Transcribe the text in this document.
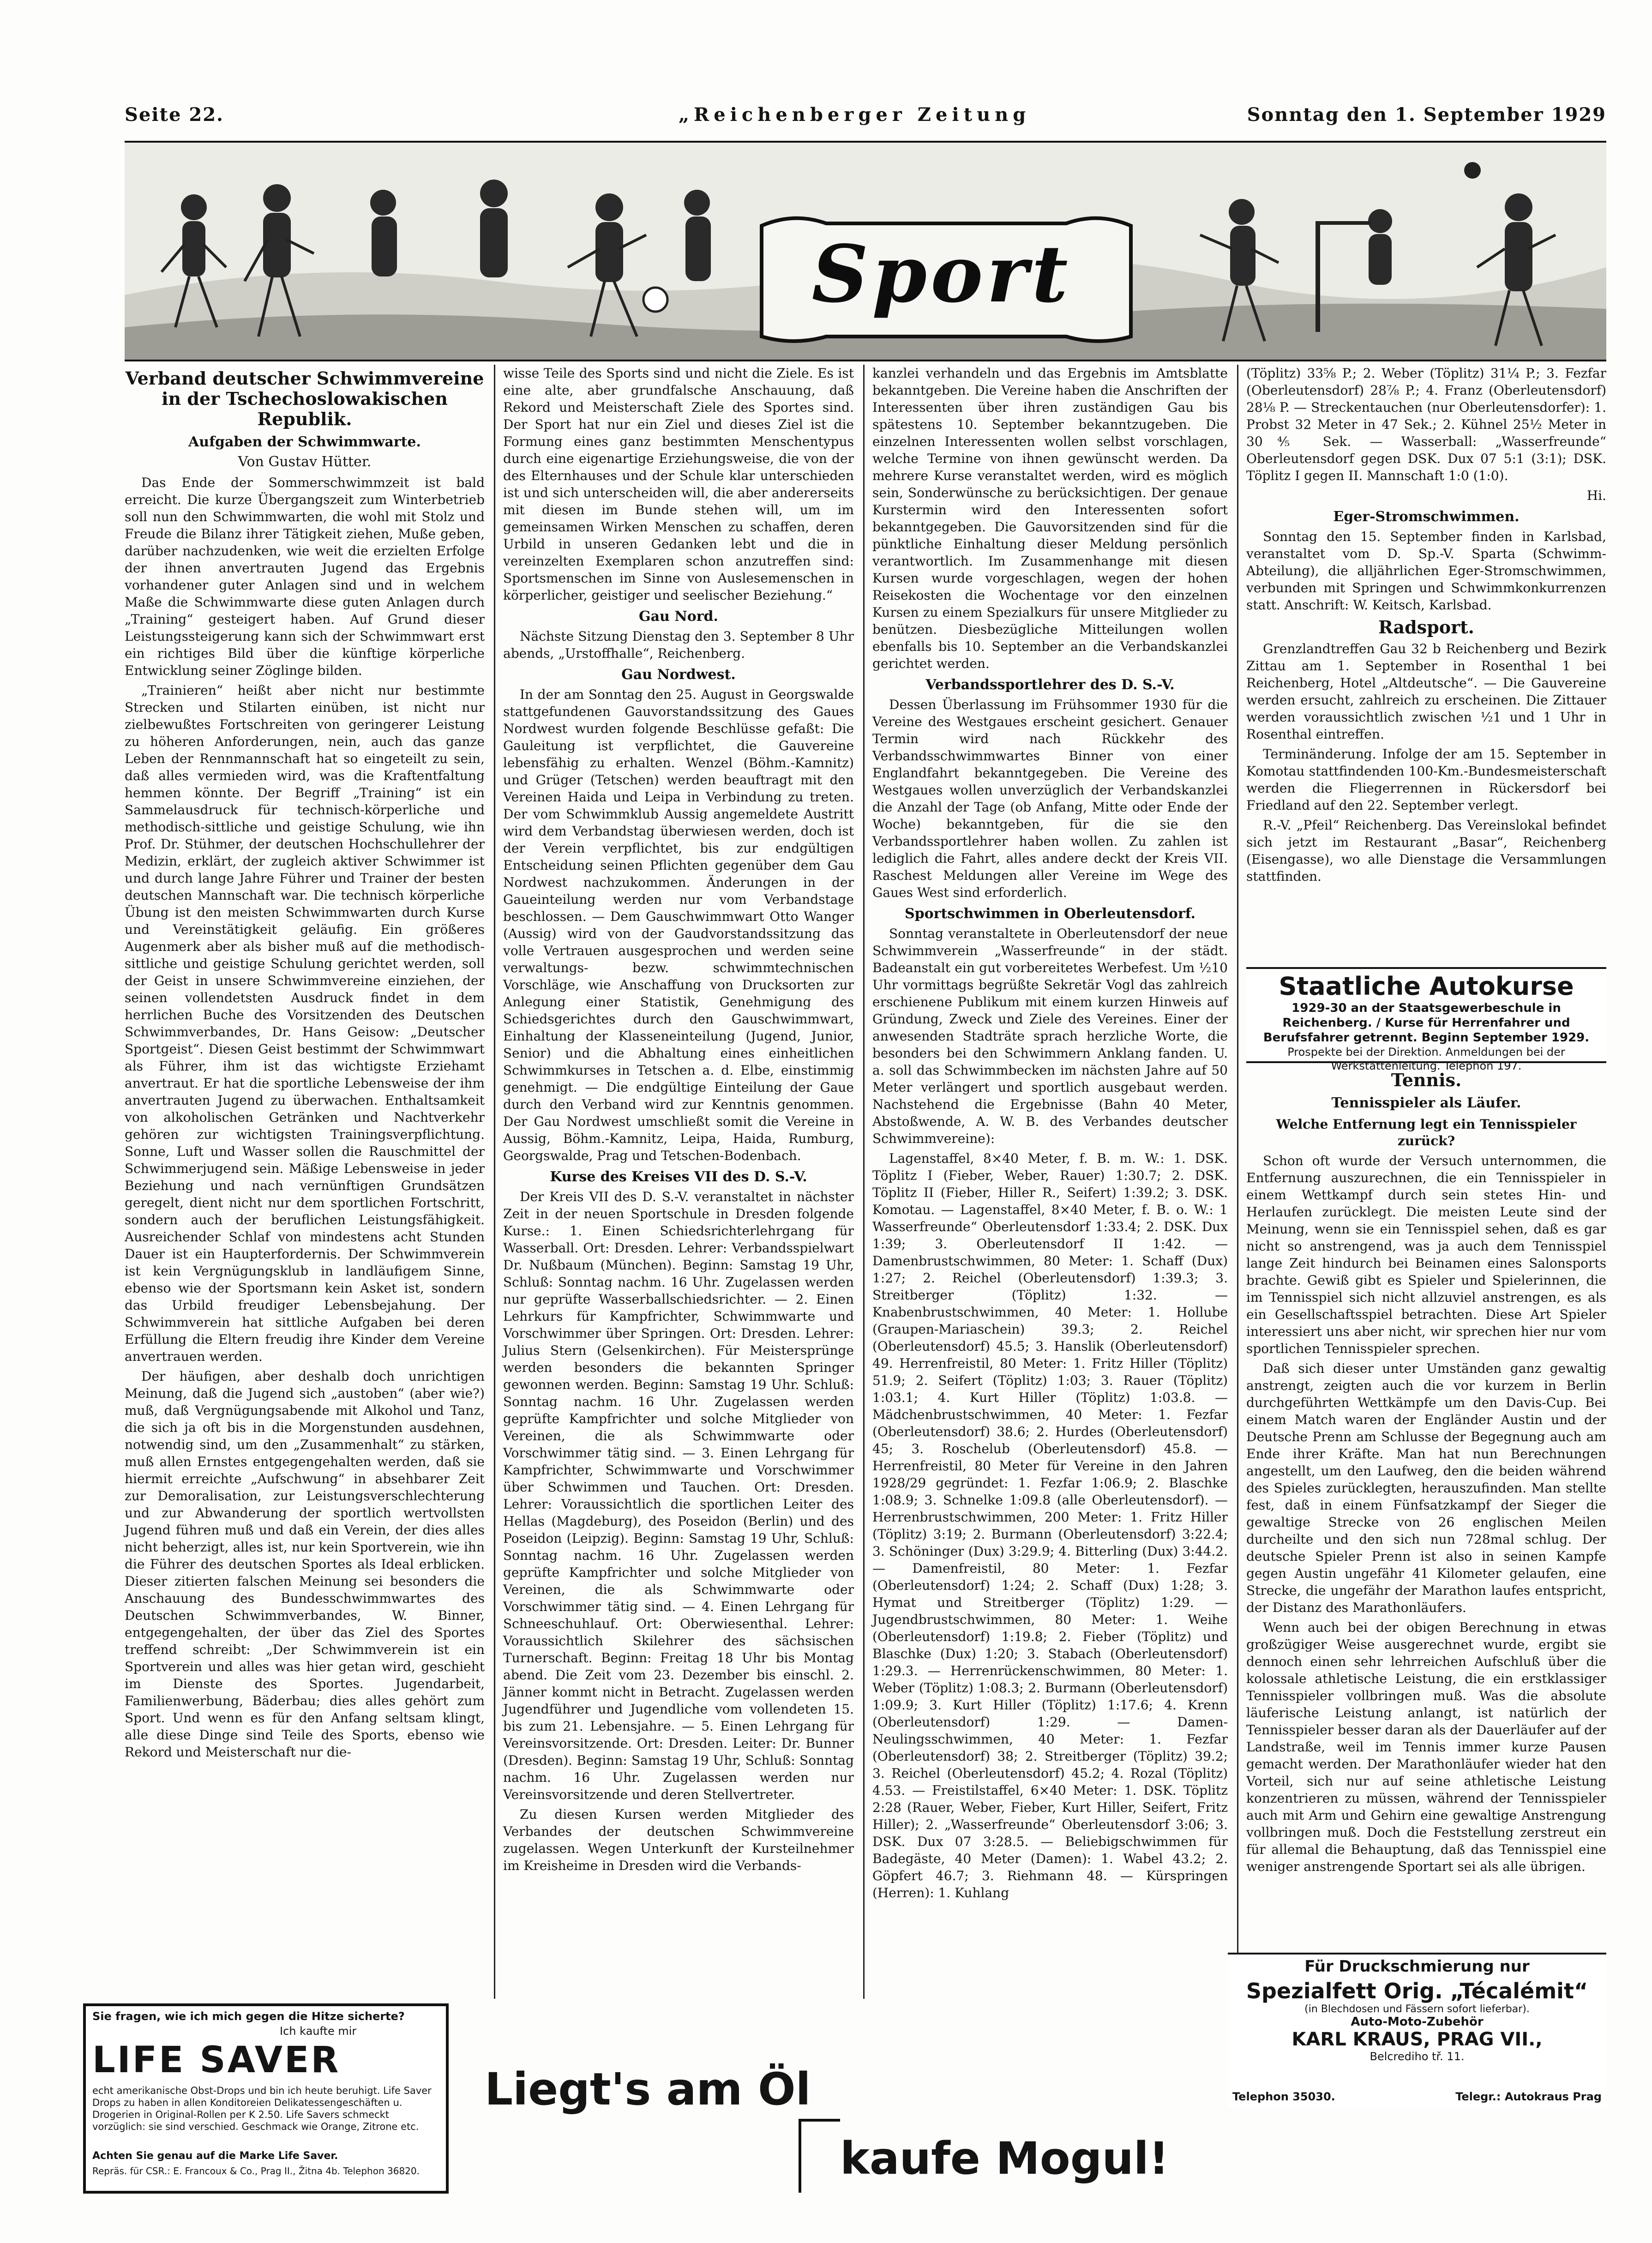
Seite 22.	„Reichenberger Zeitung	Sonntag den 1. September 1929
Sport
Verband deutscher Schwimmvereine in der Tschechoslowakischen Republik.
Aufgaben der Schwimmwarte.
Von Gustav Hütter.

Das Ende der Sommerschwimmzeit ist bald erreicht. Die kurze Übergangszeit zum Winterbetrieb soll nun den Schwimmwarten, die wohl mit Stolz und Freude die Bilanz ihrer Tätigkeit ziehen, Muße geben, darüber nachzudenken, wie weit die erzielten Erfolge der ihnen anvertrauten Jugend das Ergebnis vorhandener guter Anlagen sind und in welchem Maße die Schwimmwarte diese guten Anlagen durch „Training“ gesteigert haben. Auf Grund dieser Leistungssteigerung kann sich der Schwimmwart erst ein richtiges Bild über die künftige körperliche Entwicklung seiner Zöglinge bilden.

„Trainieren“ heißt aber nicht nur bestimmte Strecken und Stilarten einüben, ist nicht nur zielbewußtes Fortschreiten von geringerer Leistung zu höheren Anforderungen, nein, auch das ganze Leben der Rennmannschaft hat so eingeteilt zu sein, daß alles vermieden wird, was die Kraftentfaltung hemmen könnte. Der Begriff „Training“ ist ein Sammelausdruck für technisch-körperliche und methodisch-sittliche und geistige Schulung, wie ihn Prof. Dr. Stühmer, der deutschen Hochschullehrer der Medizin, erklärt, der zugleich aktiver Schwimmer ist und durch lange Jahre Führer und Trainer der besten deutschen Mannschaft war. Die technisch körperliche Übung ist den meisten Schwimmwarten durch Kurse und Vereinstätigkeit geläufig. Ein größeres Augenmerk aber als bisher muß auf die methodisch-sittliche und geistige Schulung gerichtet werden, soll der Geist in unsere Schwimmvereine einziehen, der seinen vollendetsten Ausdruck findet in dem herrlichen Buche des Vorsitzenden des Deutschen Schwimmverbandes, Dr. Hans Geisow: „Deutscher Sportgeist“. Diesen Geist bestimmt der Schwimmwart als Führer, ihm ist das wichtigste Erziehamt anvertraut. Er hat die sportliche Lebensweise der ihm anvertrauten Jugend zu überwachen. Enthaltsamkeit von alkoholischen Getränken und Nachtverkehr gehören zur wichtigsten Trainingsverpflichtung. Sonne, Luft und Wasser sollen die Rauschmittel der Schwimmerjugend sein. Mäßige Lebensweise in jeder Beziehung und nach vernünftigen Grundsätzen geregelt, dient nicht nur dem sportlichen Fortschritt, sondern auch der beruflichen Leistungsfähigkeit. Ausreichender Schlaf von mindestens acht Stunden Dauer ist ein Haupterfordernis. Der Schwimmverein ist kein Vergnügungsklub in landläufigem Sinne, ebenso wie der Sportsmann kein Asket ist, sondern das Urbild freudiger Lebensbejahung. Der Schwimmverein hat sittliche Aufgaben bei deren Erfüllung die Eltern freudig ihre Kinder dem Vereine anvertrauen werden.

Der häufigen, aber deshalb doch unrichtigen Meinung, daß die Jugend sich „austoben“ (aber wie?) muß, daß Vergnügungsabende mit Alkohol und Tanz, die sich ja oft bis in die Morgenstunden ausdehnen, notwendig sind, um den „Zusammenhalt“ zu stärken, muß allen Ernstes entgegengehalten werden, daß sie hiermit erreichte „Aufschwung“ in absehbarer Zeit zur Demoralisation, zur Leistungsverschlechterung und zur Abwanderung der sportlich wertvollsten Jugend führen muß und daß ein Verein, der dies alles nicht beherzigt, alles ist, nur kein Sportverein, wie ihn die Führer des deutschen Sportes als Ideal erblicken. Dieser zitierten falschen Meinung sei besonders die Anschauung des Bundesschwimmwartes des Deutschen Schwimmverbandes, W. Binner, entgegengehalten, der über das Ziel des Sportes treffend schreibt: „Der Schwimmverein ist ein Sportverein und alles was hier getan wird, geschieht im Dienste des Sportes. Jugendarbeit, Familienwerbung, Bäderbau; dies alles gehört zum Sport. Und wenn es für den Anfang seltsam klingt, alle diese Dinge sind Teile des Sports, ebenso wie Rekord und Meisterschaft nur die-

wisse Teile des Sports sind und nicht die Ziele. Es ist eine alte, aber grundfalsche Anschauung, daß Rekord und Meisterschaft Ziele des Sportes sind. Der Sport hat nur ein Ziel und dieses Ziel ist die Formung eines ganz bestimmten Menschentypus durch eine eigenartige Erziehungsweise, die von der des Elternhauses und der Schule klar unterschieden ist und sich unterscheiden will, die aber andererseits mit diesen im Bunde stehen will, um im gemeinsamen Wirken Menschen zu schaffen, deren Urbild in unseren Gedanken lebt und die in vereinzelten Exemplaren schon anzutreffen sind: Sportsmenschen im Sinne von Auslesemenschen in körperlicher, geistiger und seelischer Beziehung.“

Gau Nord.

Nächste Sitzung Dienstag den 3. September 8 Uhr abends, „Urstoffhalle“, Reichenberg.

Gau Nordwest.

In der am Sonntag den 25. August in Georgswalde stattgefundenen Gauvorstandssitzung des Gaues Nordwest wurden folgende Beschlüsse gefaßt: Die Gauleitung ist verpflichtet, die Gauvereine lebensfähig zu erhalten. Wenzel (Böhm.-Kamnitz) und Grüger (Tetschen) werden beauftragt mit den Vereinen Haida und Leipa in Verbindung zu treten. Der vom Schwimmklub Aussig angemeldete Austritt wird dem Verbandstag überwiesen werden, doch ist der Verein verpflichtet, bis zur endgültigen Entscheidung seinen Pflichten gegenüber dem Gau Nordwest nachzukommen. Änderungen in der Gaueinteilung werden nur vom Verbandstage beschlossen. — Dem Gauschwimmwart Otto Wanger (Aussig) wird von der Gaudvorstandssitzung das volle Vertrauen ausgesprochen und werden seine verwaltungs- bezw. schwimmtechnischen Vorschläge, wie Anschaffung von Drucksorten zur Anlegung einer Statistik, Genehmigung des Schiedsgerichtes durch den Gauschwimmwart, Einhaltung der Klasseneinteilung (Jugend, Junior, Senior) und die Abhaltung eines einheitlichen Schwimmkurses in Tetschen a. d. Elbe, einstimmig genehmigt. — Die endgültige Einteilung der Gaue durch den Verband wird zur Kenntnis genommen. Der Gau Nordwest umschließt somit die Vereine in Aussig, Böhm.-Kamnitz, Leipa, Haida, Rumburg, Georgswalde, Prag und Tetschen-Bodenbach.

Kurse des Kreises VII des D. S.-V.

Der Kreis VII des D. S.-V. veranstaltet in nächster Zeit in der neuen Sportschule in Dresden folgende Kurse.: 1. Einen Schiedsrichterlehrgang für Wasserball. Ort: Dresden. Lehrer: Verbandsspielwart Dr. Nußbaum (München). Beginn: Samstag 19 Uhr, Schluß: Sonntag nachm. 16 Uhr. Zugelassen werden nur geprüfte Wasserballschiedsrichter. — 2. Einen Lehrkurs für Kampfrichter, Schwimmwarte und Vorschwimmer über Springen. Ort: Dresden. Lehrer: Julius Stern (Gelsenkirchen). Für Meistersprünge werden besonders die bekannten Springer gewonnen werden. Beginn: Samstag 19 Uhr. Schluß: Sonntag nachm. 16 Uhr. Zugelassen werden geprüfte Kampfrichter und solche Mitglieder von Vereinen, die als Schwimmwarte oder Vorschwimmer tätig sind. — 3. Einen Lehrgang für Kampfrichter, Schwimmwarte und Vorschwimmer über Schwimmen und Tauchen. Ort: Dresden. Lehrer: Voraussichtlich die sportlichen Leiter des Hellas (Magdeburg), des Poseidon (Berlin) und des Poseidon (Leipzig). Beginn: Samstag 19 Uhr, Schluß: Sonntag nachm. 16 Uhr. Zugelassen werden geprüfte Kampfrichter und solche Mitglieder von Vereinen, die als Schwimmwarte oder Vorschwimmer tätig sind. — 4. Einen Lehrgang für Schneeschuhlauf. Ort: Oberwiesenthal. Lehrer: Voraussichtlich Skilehrer des sächsischen Turnerschaft. Beginn: Freitag 18 Uhr bis Montag abend. Die Zeit vom 23. Dezember bis einschl. 2. Jänner kommt nicht in Betracht. Zugelassen werden Jugendführer und Jugendliche vom vollendeten 15. bis zum 21. Lebensjahre. — 5. Einen Lehrgang für Vereinsvorsitzende. Ort: Dresden. Leiter: Dr. Bunner (Dresden). Beginn: Samstag 19 Uhr, Schluß: Sonntag nachm. 16 Uhr. Zugelassen werden nur Vereinsvorsitzende und deren Stellvertreter.

Zu diesen Kursen werden Mitglieder des Verbandes der deutschen Schwimmvereine zugelassen. Wegen Unterkunft der Kursteilnehmer im Kreisheime in Dresden wird die Verbands-

kanzlei verhandeln und das Ergebnis im Amtsblatte bekanntgeben. Die Vereine haben die Anschriften der Interessenten über ihren zuständigen Gau bis spätestens 10. September bekanntzugeben. Die einzelnen Interessenten wollen selbst vorschlagen, welche Termine von ihnen gewünscht werden. Da mehrere Kurse veranstaltet werden, wird es möglich sein, Sonderwünsche zu berücksichtigen. Der genaue Kurstermin wird den Interessenten sofort bekanntgegeben. Die Gauvorsitzenden sind für die pünktliche Einhaltung dieser Meldung persönlich verantwortlich. Im Zusammenhange mit diesen Kursen wurde vorgeschlagen, wegen der hohen Reisekosten die Wochentage vor den einzelnen Kursen zu einem Spezialkurs für unsere Mitglieder zu benützen. Diesbezügliche Mitteilungen wollen ebenfalls bis 10. September an die Verbandskanzlei gerichtet werden.

Verbandssportlehrer des D. S.-V.

Dessen Überlassung im Frühsommer 1930 für die Vereine des Westgaues erscheint gesichert. Genauer Termin wird nach Rückkehr des Verbandsschwimmwartes Binner von einer Englandfahrt bekanntgegeben. Die Vereine des Westgaues wollen unverzüglich der Verbandskanzlei die Anzahl der Tage (ob Anfang, Mitte oder Ende der Woche) bekanntgeben, für die sie den Verbandssportlehrer haben wollen. Zu zahlen ist lediglich die Fahrt, alles andere deckt der Kreis VII. Raschest Meldungen aller Vereine im Wege des Gaues West sind erforderlich.

Sportschwimmen in Oberleutensdorf.

Sonntag veranstaltete in Oberleutensdorf der neue Schwimmverein „Wasserfreunde“ in der städt. Badeanstalt ein gut vorbereitetes Werbefest. Um ½10 Uhr vormittags begrüßte Sekretär Vogl das zahlreich erschienene Publikum mit einem kurzen Hinweis auf Gründung, Zweck und Ziele des Vereines. Einer der anwesenden Stadträte sprach herzliche Worte, die besonders bei den Schwimmern Anklang fanden. U. a. soll das Schwimmbecken im nächsten Jahre auf 50 Meter verlängert und sportlich ausgebaut werden. Nachstehend die Ergebnisse (Bahn 40 Meter, Abstoßwende, A. W. B. des Verbandes deutscher Schwimmvereine):

Lagenstaffel, 8×40 Meter, f. B. m. W.: 1. DSK. Töplitz I (Fieber, Weber, Rauer) 1:30.7; 2. DSK. Töplitz II (Fieber, Hiller R., Seifert) 1:39.2; 3. DSK. Komotau. — Lagenstaffel, 8×40 Meter, f. B. o. W.: 1 Wasserfreunde“ Oberleutensdorf 1:33.4; 2. DSK. Dux 1:39; 3. Oberleutensdorf II 1:42. — Damenbrustschwimmen, 80 Meter: 1. Schaff (Dux) 1:27; 2. Reichel (Oberleutensdorf) 1:39.3; 3. Streitberger (Töplitz) 1:32. — Knabenbrustschwimmen, 40 Meter: 1. Hollube (Graupen-Mariaschein) 39.3; 2. Reichel (Oberleutensdorf) 45.5; 3. Hanslik (Oberleutensdorf) 49. Herrenfreistil, 80 Meter: 1. Fritz Hiller (Töplitz) 51.9; 2. Seifert (Töplitz) 1:03; 3. Rauer (Töplitz) 1:03.1; 4. Kurt Hiller (Töplitz) 1:03.8. — Mädchenbrustschwimmen, 40 Meter: 1. Fezfar (Oberleutensdorf) 38.6; 2. Hurdes (Oberleutensdorf) 45; 3. Roschelub (Oberleutensdorf) 45.8. — Herrenfreistil, 80 Meter für Vereine in den Jahren 1928/29 gegründet: 1. Fezfar 1:06.9; 2. Blaschke 1:08.9; 3. Schnelke 1:09.8 (alle Oberleutensdorf). — Herrenbrustschwimmen, 200 Meter: 1. Fritz Hiller (Töplitz) 3:19; 2. Burmann (Oberleutensdorf) 3:22.4; 3. Schöninger (Dux) 3:29.9; 4. Bitterling (Dux) 3:44.2. — Damenfreistil, 80 Meter: 1. Fezfar (Oberleutensdorf) 1:24; 2. Schaff (Dux) 1:28; 3. Hymat und Streitberger (Töplitz) 1:29. — Jugendbrustschwimmen, 80 Meter: 1. Weihe (Oberleutensdorf) 1:19.8; 2. Fieber (Töplitz) und Blaschke (Dux) 1:20; 3. Stabach (Oberleutensdorf) 1:29.3. — Herrenrückenschwimmen, 80 Meter: 1. Weber (Töplitz) 1:08.3; 2. Burmann (Oberleutensdorf) 1:09.9; 3. Kurt Hiller (Töplitz) 1:17.6; 4. Krenn (Oberleutensdorf) 1:29. — Damen-Neulingsschwimmen, 40 Meter: 1. Fezfar (Oberleutensdorf) 38; 2. Streitberger (Töplitz) 39.2; 3. Reichel (Oberleutensdorf) 45.2; 4. Rozal (Töplitz) 4.53. — Freistilstaffel, 6×40 Meter: 1. DSK. Töplitz 2:28 (Rauer, Weber, Fieber, Kurt Hiller, Seifert, Fritz Hiller); 2. „Wasserfreunde“ Oberleutensdorf 3:06; 3. DSK. Dux 07 3:28.5. — Beliebigschwimmen für Badegäste, 40 Meter (Damen): 1. Wabel 43.2; 2. Göpfert 46.7; 3. Riehmann 48. — Kürspringen (Herren): 1. Kuhlang

(Töplitz) 33⅝ P.; 2. Weber (Töplitz) 31¼ P.; 3. Fezfar (Oberleutensdorf) 28⅞ P.; 4. Franz (Oberleutensdorf) 28⅛ P. — Streckentauchen (nur Oberleutensdorfer): 1. Probst 32 Meter in 47 Sek.; 2. Kühnel 25½ Meter in 30⅘ Sek. — Wasserball: „Wasserfreunde“ Oberleutensdorf gegen DSK. Dux 07 5:1 (3:1); DSK. Töplitz I gegen II. Mannschaft 1:0 (1:0).

Hi.
Eger-Stromschwimmen.

Sonntag den 15. September finden in Karlsbad, veranstaltet vom D. Sp.-V. Sparta (Schwimm-Abteilung), die alljährlichen Eger-Stromschwimmen, verbunden mit Springen und Schwimmkonkurrenzen statt. Anschrift: W. Keitsch, Karlsbad.

Radsport.

Grenzlandtreffen Gau 32 b Reichenberg und Bezirk Zittau am 1. September in Rosenthal 1 bei Reichenberg, Hotel „Altdeutsche“. — Die Gauvereine werden ersucht, zahlreich zu erscheinen. Die Zittauer werden voraussichtlich zwischen ½1 und 1 Uhr in Rosenthal eintreffen.

Terminänderung. Infolge der am 15. September in Komotau stattfindenden 100-Km.-Bundesmeisterschaft werden die Fliegerrennen in Rückersdorf bei Friedland auf den 22. September verlegt.

R.-V. „Pfeil“ Reichenberg. Das Vereinslokal befindet sich jetzt im Restaurant „Basar“, Reichenberg (Eisengasse), wo alle Dienstage die Versammlungen stattfinden.

Staatliche Autokurse
1929-30 an der Staatsgewerbeschule in Reichenberg. / Kurse für Herrenfahrer und Berufsfahrer getrennt. Beginn September 1929.
Prospekte bei der Direktion. Anmeldungen bei der Werkstättenleitung. Telephon 197.
Tennis.
Tennisspieler als Läufer.
Welche Entfernung legt ein Tennisspieler zurück?

Schon oft wurde der Versuch unternommen, die Entfernung auszurechnen, die ein Tennisspieler in einem Wettkampf durch sein stetes Hin- und Herlaufen zurücklegt. Die meisten Leute sind der Meinung, wenn sie ein Tennisspiel sehen, daß es gar nicht so anstrengend, was ja auch dem Tennisspiel lange Zeit hindurch bei Beinamen eines Salonsports brachte. Gewiß gibt es Spieler und Spielerinnen, die im Tennisspiel sich nicht allzuviel anstrengen, es als ein Gesellschaftsspiel betrachten. Diese Art Spieler interessiert uns aber nicht, wir sprechen hier nur vom sportlichen Tennisspieler sprechen.

Daß sich dieser unter Umständen ganz gewaltig anstrengt, zeigten auch die vor kurzem in Berlin durchgeführten Wettkämpfe um den Davis-Cup. Bei einem Match waren der Engländer Austin und der Deutsche Prenn am Schlusse der Begegnung auch am Ende ihrer Kräfte. Man hat nun Berechnungen angestellt, um den Laufweg, den die beiden während des Spieles zurücklegten, herauszufinden. Man stellte fest, daß in einem Fünfsatzkampf der Sieger die gewaltige Strecke von 26 englischen Meilen durcheilte und den sich nun 728mal schlug. Der deutsche Spieler Prenn ist also in seinen Kampfe gegen Austin ungefähr 41 Kilometer gelaufen, eine Strecke, die ungefähr der Marathon laufes entspricht, der Distanz des Marathonläufers.

Wenn auch bei der obigen Berechnung in etwas großzügiger Weise ausgerechnet wurde, ergibt sie dennoch einen sehr lehrreichen Aufschluß über die kolossale athletische Leistung, die ein erstklassiger Tennisspieler vollbringen muß. Was die absolute läuferische Leistung anlangt, ist natürlich der Tennisspieler besser daran als der Dauerläufer auf der Landstraße, weil im Tennis immer kurze Pausen gemacht werden. Der Marathonläufer wieder hat den Vorteil, sich nur auf seine athletische Leistung konzentrieren zu müssen, während der Tennisspieler auch mit Arm und Gehirn eine gewaltige Anstrengung vollbringen muß. Doch die Feststellung zerstreut ein für allemal die Behauptung, daß das Tennisspiel eine weniger anstrengende Sportart sei als alle übrigen.

Sie fragen, wie ich mich gegen die Hitze sicherte?
Ich kaufte mir
LIFE SAVER
echt amerikanische Obst-Drops und bin ich heute beruhigt. Life Saver Drops zu haben in allen Konditoreien Delikatessengeschäften u. Drogerien in Original-Rollen per K 2.50. Life Savers schmeckt vorzüglich: sie sind verschied. Geschmack wie Orange, Zitrone etc.
Achten Sie genau auf die Marke Life Saver.
Repräs. für CSR.: E. Francoux & Co., Prag II., Žitna 4b. Telephon 36820.
Liegt's am Öl
kaufe Mogul!
Für Druckschmierung nur
Spezialfett Orig. „Técalémit“
(in Blechdosen und Fässern sofort lieferbar).
Auto-Moto-Zubehör
KARL KRAUS, PRAG VII.,
Belcrediho tř. 11.
Telephon 35030.	Telegr.: Autokraus Prag
